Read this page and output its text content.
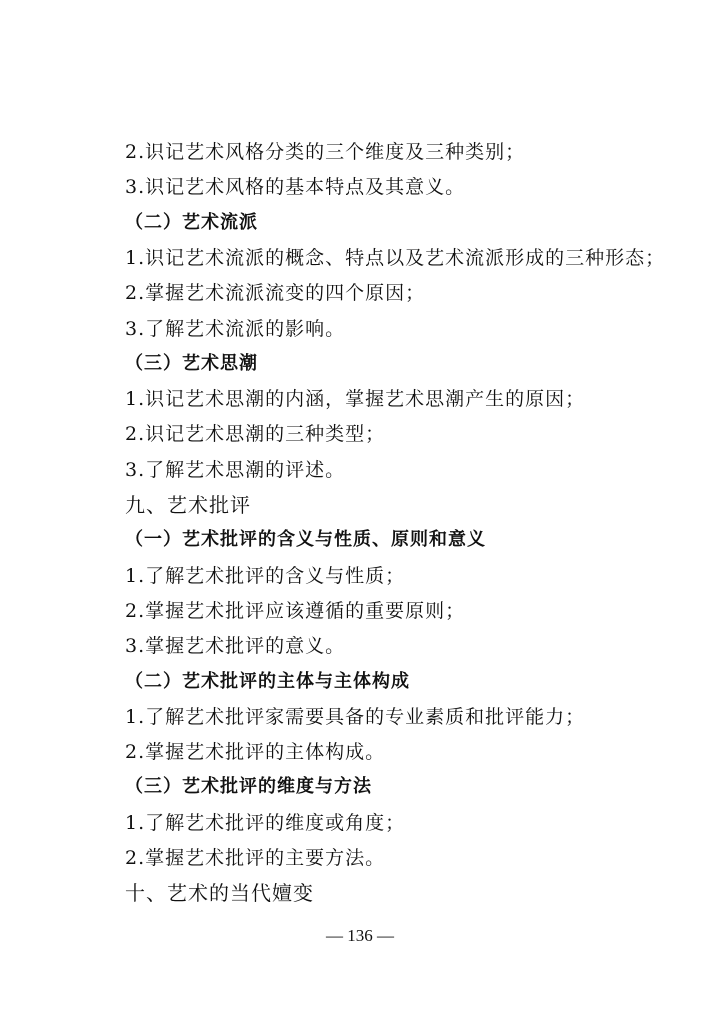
2.识记艺术风格分类的三个维度及三种类别；
3.识记艺术风格的基本特点及其意义。
（二）艺术流派
1.识记艺术流派的概念、特点以及艺术流派形成的三种形态；
2.掌握艺术流派流变的四个原因；
3.了解艺术流派的影响。
（三）艺术思潮
1.识记艺术思潮的内涵，掌握艺术思潮产生的原因；
2.识记艺术思潮的三种类型；
3.了解艺术思潮的评述。
九、艺术批评
（一）艺术批评的含义与性质、原则和意义
1.了解艺术批评的含义与性质；
2.掌握艺术批评应该遵循的重要原则；
3.掌握艺术批评的意义。
（二）艺术批评的主体与主体构成
1.了解艺术批评家需要具备的专业素质和批评能力；
2.掌握艺术批评的主体构成。
（三）艺术批评的维度与方法
1.了解艺术批评的维度或角度；
2.掌握艺术批评的主要方法。
十、艺术的当代嬗变
— 136 —
